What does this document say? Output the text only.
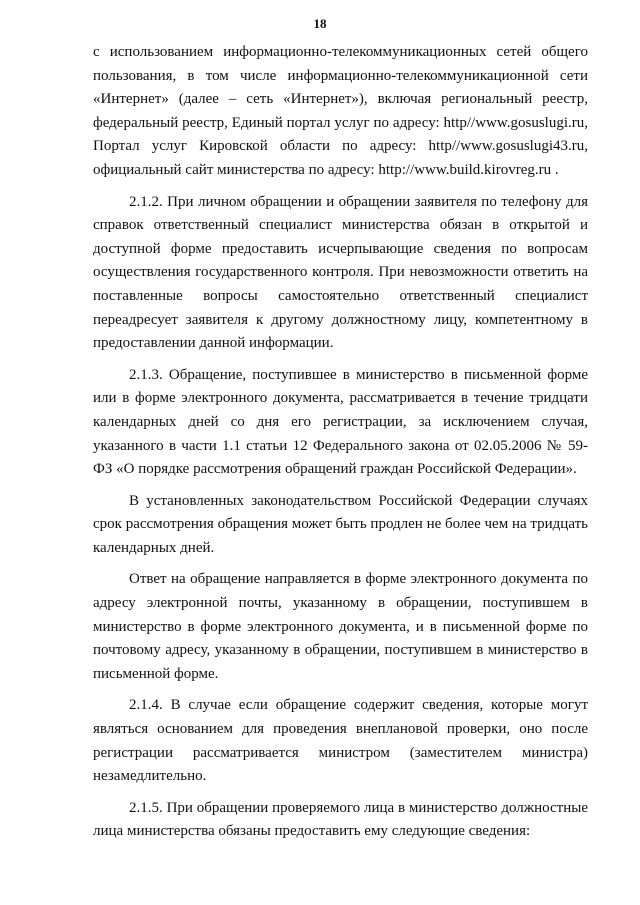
18

с использованием информационно-телекоммуникационных сетей общего пользования, в том числе информационно-телекоммуникационной сети «Интернет» (далее – сеть «Интернет»), включая региональный реестр, федеральный реестр, Единый портал услуг по адресу: http//www.gosuslugi.ru, Портал услуг Кировской области по адресу: http//www.gosuslugi43.ru, официальный сайт министерства по адресу: http://www.build.kirovreg.ru .

2.1.2. При личном обращении и обращении заявителя по телефону для справок ответственный специалист министерства обязан в открытой и доступной форме предоставить исчерпывающие сведения по вопросам осуществления государственного контроля. При невозможности ответить на поставленные вопросы самостоятельно ответственный специалист переадресует заявителя к другому должностному лицу, компетентному в предоставлении данной информации.

2.1.3. Обращение, поступившее в министерство в письменной форме или в форме электронного документа, рассматривается в течение тридцати календарных дней со дня его регистрации, за исключением случая, указанного в части 1.1 статьи 12 Федерального закона от 02.05.2006 № 59-ФЗ «О порядке рассмотрения обращений граждан Российской Федерации».

В установленных законодательством Российской Федерации случаях срок рассмотрения обращения может быть продлен не более чем на тридцать календарных дней.

Ответ на обращение направляется в форме электронного документа по адресу электронной почты, указанному в обращении, поступившем в министерство в форме электронного документа, и в письменной форме по почтовому адресу, указанному в обращении, поступившем в министерство в письменной форме.

2.1.4. В случае если обращение содержит сведения, которые могут являться основанием для проведения внеплановой проверки, оно после регистрации рассматривается министром (заместителем министра) незамедлительно.

2.1.5. При обращении проверяемого лица в министерство должностные лица министерства обязаны предоставить ему следующие сведения:
